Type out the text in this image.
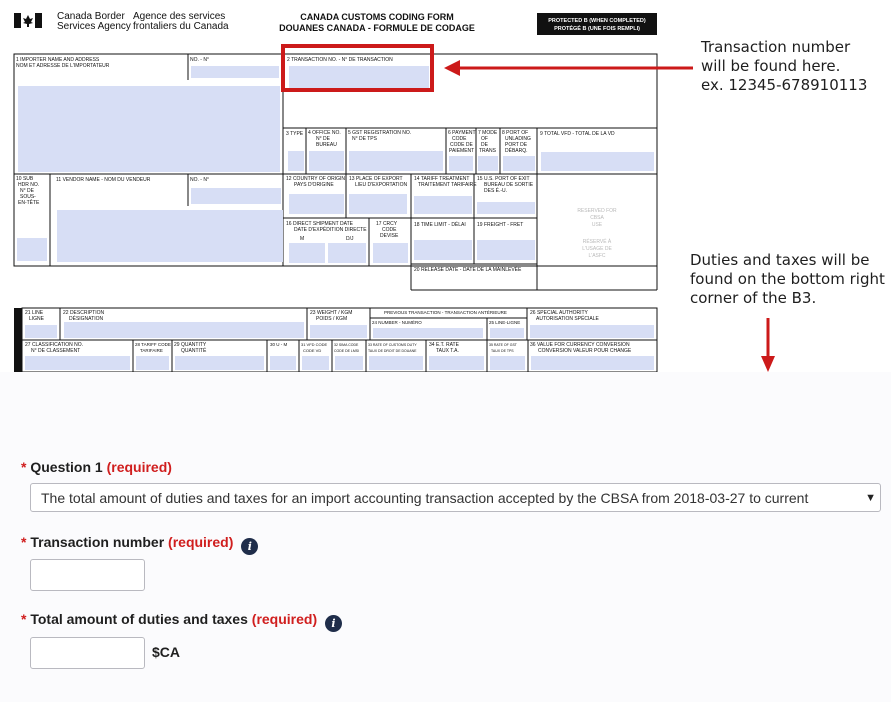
Canada Border
Services Agency
Agence des services
frontaliers du Canada
CANADA CUSTOMS CODING FORM
DOUANES CANADA - FORMULE DE CODAGE
PROTECTED B (WHEN COMPLETED)
PROTÉGÉ B (UNE FOIS REMPLI)
1 IMPORTER NAME AND ADDRESS
NOM ET ADRESSE DE L'IMPORTATEUR
NO. - N°	2 TRANSACTION NO. - N° DE TRANSACTION
3 TYPE 4 OFFICE NO.
N° DE
BUREAU
5 GST REGISTRATION NO.
N° DE TPS
6 PAYMENT
CODE
CODE DE
PAIEMENT
7 MODE
OF
DE
TRANS
8 PORT OF
UNLADING
PORT DE
DÉBARQ.
9 TOTAL VFD - TOTAL DE LA VD
10 SUB
HDR NO.
N° DE
SOUS-
EN-TÊTE
11 VENDOR NAME - NOM DU VENDEUR	NO. - N°	12 COUNTRY OF ORIGIN
PAYS D'ORIGINE
13 PLACE OF EXPORT
LIEU D'EXPORTATION
14 TARIFF TREATMENT
TRAITEMENT TARIFAIRE
15 U.S. PORT OF EXIT
BUREAU DE SORTIE
DES É.-U.
16 DIRECT SHIPMENT DATE
DATE D'EXPÉDITION DIRECTE
M	D/J
17 CRCY
CODE
DEVISE
18 TIME LIMIT - DÉLAI 19 FREIGHT - FRET
RESERVED FOR
CBSA
USE
RÉSERVÉ À
L'USAGE DE
L'ASFC
20 RELEASE DATE - DATE DE LA MAINLEVÉE
21 LINE
LIGNE
22 DESCRIPTION
DÉSIGNATION
23 WEIGHT / KGM
POIDS / KGM
PREVIOUS TRANSACTION - TRANSACTION ANTÉRIEURE
24 NUMBER - NUMÉRO	25 LINE-LIGNE
26 SPECIAL AUTHORITY
AUTORISATION SPÉCIALE
27 CLASSIFICATION NO.
N° DE CLASSEMENT
28 TARIFF CODE
TARIFAIRE
29 QUANTITY
QUANTITÉ
30 U - M	31 VFD CODE
CODE VD
32 SIMA CODE
CODE DE LMSI
33 RATE OF CUSTOMS DUTY
TAUX DE DROIT DE DOUANE
34 E.T. RATE
TAUX T.A.
35 RATE OF GST
TAUX DE TPS
36 VALUE FOR CURRENCY CONVERSION
CONVERSION VALEUR POUR CHANGE
Transaction number
will be found here.
ex. 12345-678910113
Duties and taxes will be
found on the bottom right
corner of the B3.
* Question 1 (required)
The total amount of duties and taxes for an import accounting transaction accepted by the CBSA from 2018-03-27 to current	▼
* Transaction number (required) i
* Total amount of duties and taxes (required) i
$CA
